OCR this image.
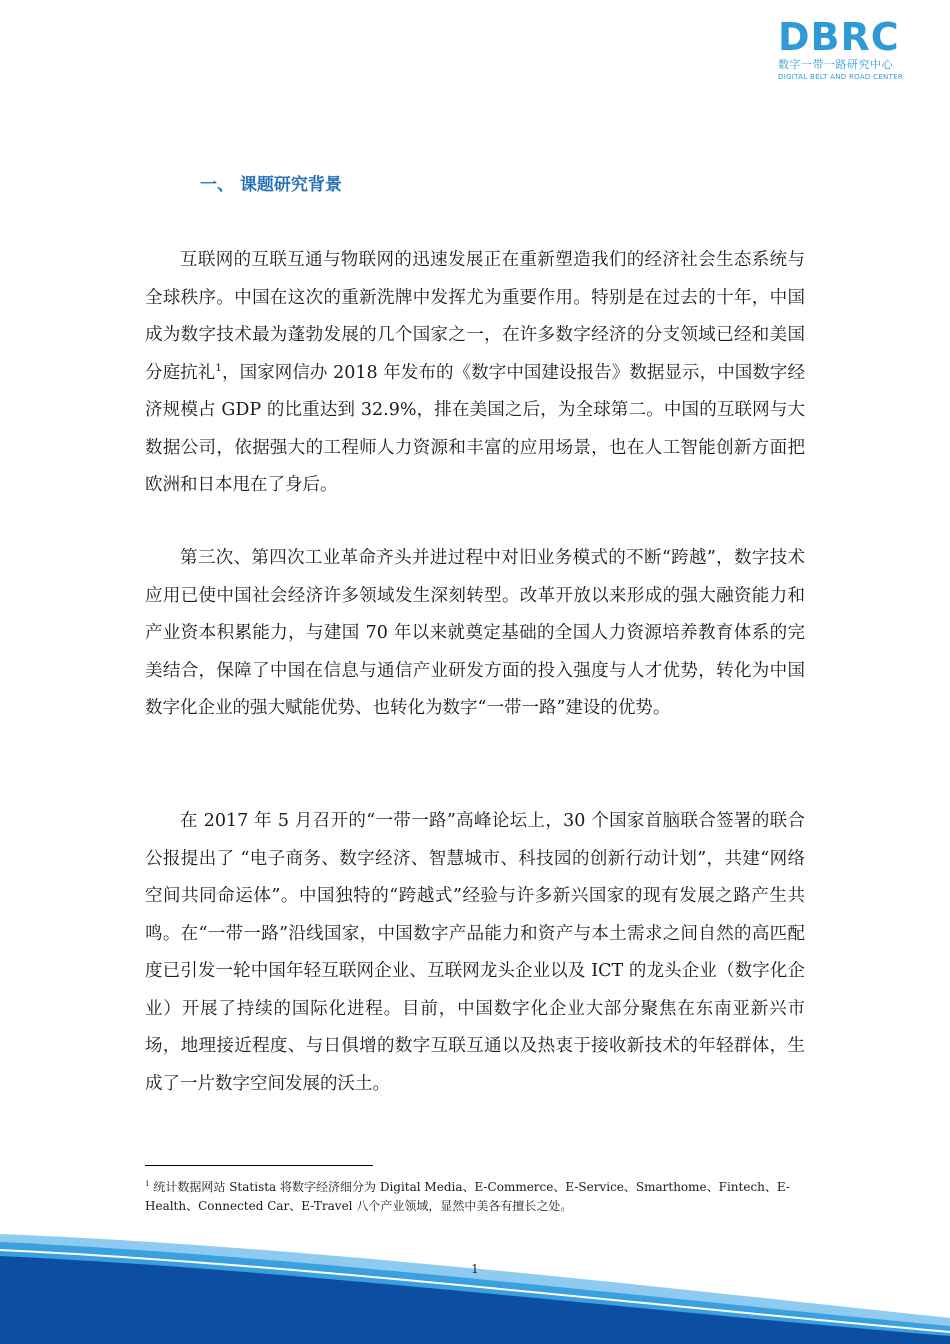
DBRC
数字一带一路研究中心
DIGITAL BELT AND ROAD CENTER
一、 课题研究背景

互联网的互联互通与物联网的迅速发展正在重新塑造我们的经济社会生态系统与全球秩序。中国在这次的重新洗牌中发挥尤为重要作用。特别是在过去的十年，中国成为数字技术最为蓬勃发展的几个国家之一，在许多数字经济的分支领域已经和美国分庭抗礼$^1$，国家网信办 2018 年发布的《数字中国建设报告》数据显示，中国数字经济规模占 GDP 的比重达到 32.9%，排在美国之后，为全球第二。中国的互联网与大数据公司，依据强大的工程师人力资源和丰富的应用场景，也在人工智能创新方面把欧洲和日本甩在了身后。

第三次、第四次工业革命齐头并进过程中对旧业务模式的不断“跨越”，数字技术应用已使中国社会经济许多领域发生深刻转型。改革开放以来形成的强大融资能力和产业资本积累能力，与建国 70 年以来就奠定基础的全国人力资源培养教育体系的完美结合，保障了中国在信息与通信产业研发方面的投入强度与人才优势，转化为中国数字化企业的强大赋能优势、也转化为数字“一带一路”建设的优势。

在 2017 年 5 月召开的“一带一路”高峰论坛上，30 个国家首脑联合签署的联合公报提出了 “电子商务、数字经济、智慧城市、科技园的创新行动计划”，共建“网络空间共同命运体”。中国独特的“跨越式”经验与许多新兴国家的现有发展之路产生共鸣。在“一带一路”沿线国家，中国数字产品能力和资产与本土需求之间自然的高匹配度已引发一轮中国年轻互联网企业、互联网龙头企业以及 ICT 的龙头企业（数字化企业）开展了持续的国际化进程。目前，中国数字化企业大部分聚焦在东南亚新兴市场，地理接近程度、与日俱增的数字互联互通以及热衷于接收新技术的年轻群体，生成了一片数字空间发展的沃土。

$^1$ 统计数据网站 Statista 将数字经济细分为 Digital Media、E-Commerce、E-Service、Smarthome、Fintech、E-Health、Connected Car、E-Travel 八个产业领域，显然中美各有擅长之处。
1
